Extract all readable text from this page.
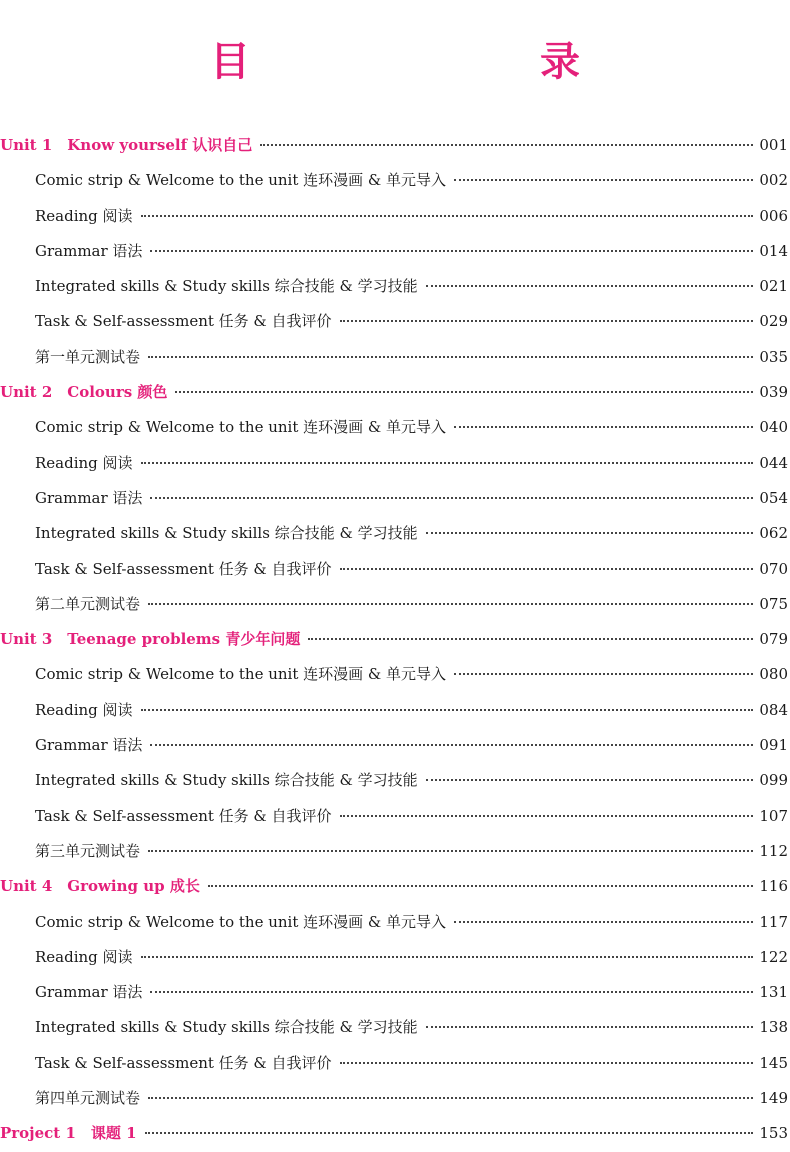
目　　录
Unit 1　Know yourself 认识自己	001
Comic strip & Welcome to the unit 连环漫画 & 单元导入	002
Reading 阅读	006
Grammar 语法	014
Integrated skills & Study skills 综合技能 & 学习技能	021
Task & Self-assessment 任务 & 自我评价	029
第一单元测试卷	035
Unit 2　Colours 颜色	039
Comic strip & Welcome to the unit 连环漫画 & 单元导入	040
Reading 阅读	044
Grammar 语法	054
Integrated skills & Study skills 综合技能 & 学习技能	062
Task & Self-assessment 任务 & 自我评价	070
第二单元测试卷	075
Unit 3　Teenage problems 青少年问题	079
Comic strip & Welcome to the unit 连环漫画 & 单元导入	080
Reading 阅读	084
Grammar 语法	091
Integrated skills & Study skills 综合技能 & 学习技能	099
Task & Self-assessment 任务 & 自我评价	107
第三单元测试卷	112
Unit 4　Growing up 成长	116
Comic strip & Welcome to the unit 连环漫画 & 单元导入	117
Reading 阅读	122
Grammar 语法	131
Integrated skills & Study skills 综合技能 & 学习技能	138
Task & Self-assessment 任务 & 自我评价	145
第四单元测试卷	149
Project 1　课题 1	153
